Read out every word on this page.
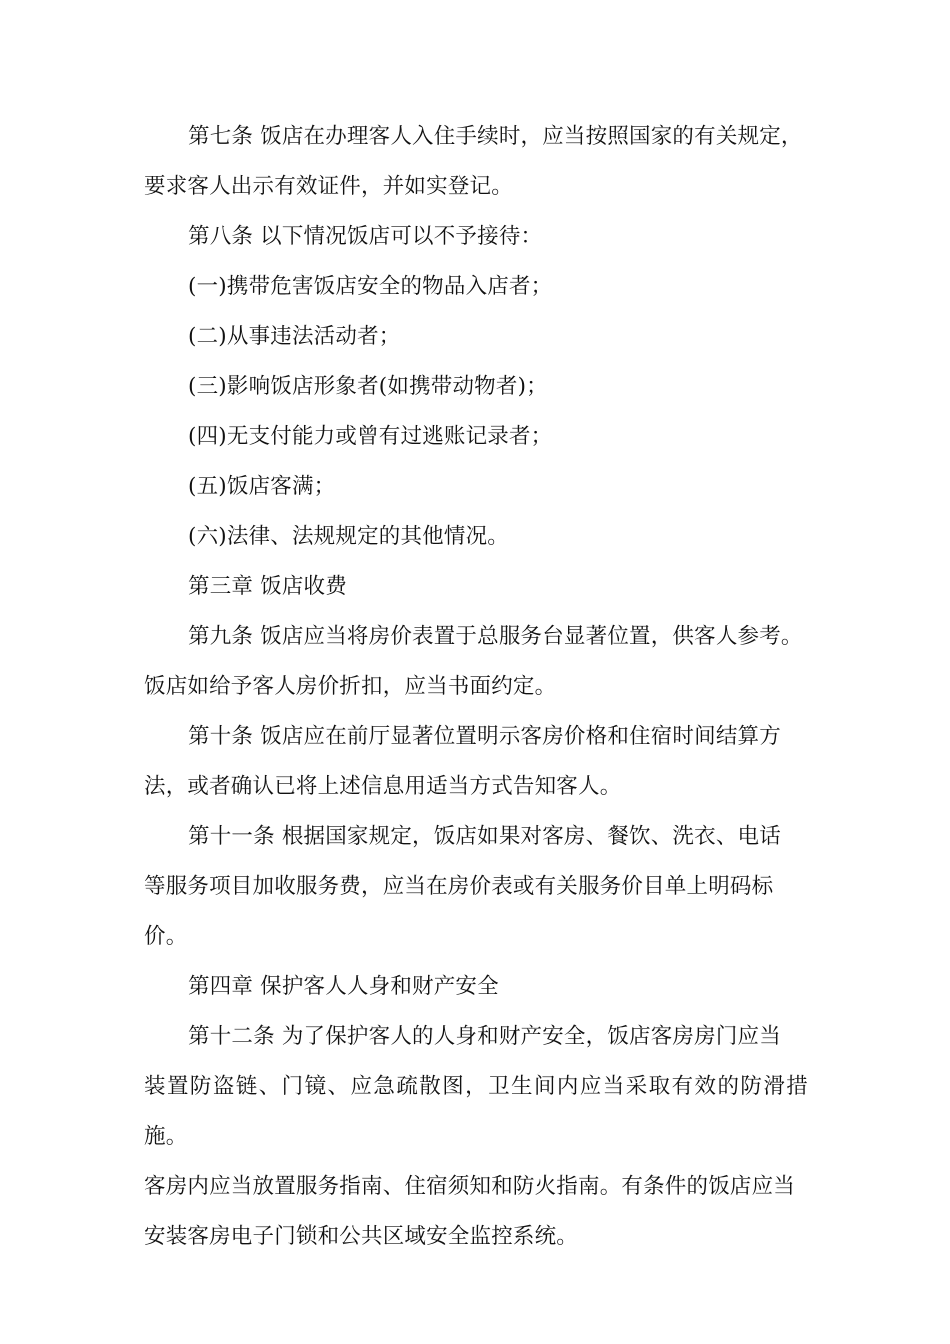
第七条 饭店在办理客人入住手续时，应当按照国家的有关规定，
要求客人出示有效证件，并如实登记。

第八条 以下情况饭店可以不予接待：

(一)携带危害饭店安全的物品入店者；

(二)从事违法活动者；

(三)影响饭店形象者(如携带动物者)；

(四)无支付能力或曾有过逃账记录者；

(五)饭店客满；

(六)法律、法规规定的其他情况。

第三章 饭店收费

第九条 饭店应当将房价表置于总服务台显著位置，供客人参考。
饭店如给予客人房价折扣，应当书面约定。

第十条 饭店应在前厅显著位置明示客房价格和住宿时间结算方
法，或者确认已将上述信息用适当方式告知客人。

第十一条 根据国家规定，饭店如果对客房、餐饮、洗衣、电话
等服务项目加收服务费，应当在房价表或有关服务价目单上明码标
价。

第四章 保护客人人身和财产安全

第十二条 为了保护客人的人身和财产安全，饭店客房房门应当
装置防盗链、门镜、应急疏散图，卫生间内应当采取有效的防滑措施。
客房内应当放置服务指南、住宿须知和防火指南。有条件的饭店应当
安装客房电子门锁和公共区域安全监控系统。
